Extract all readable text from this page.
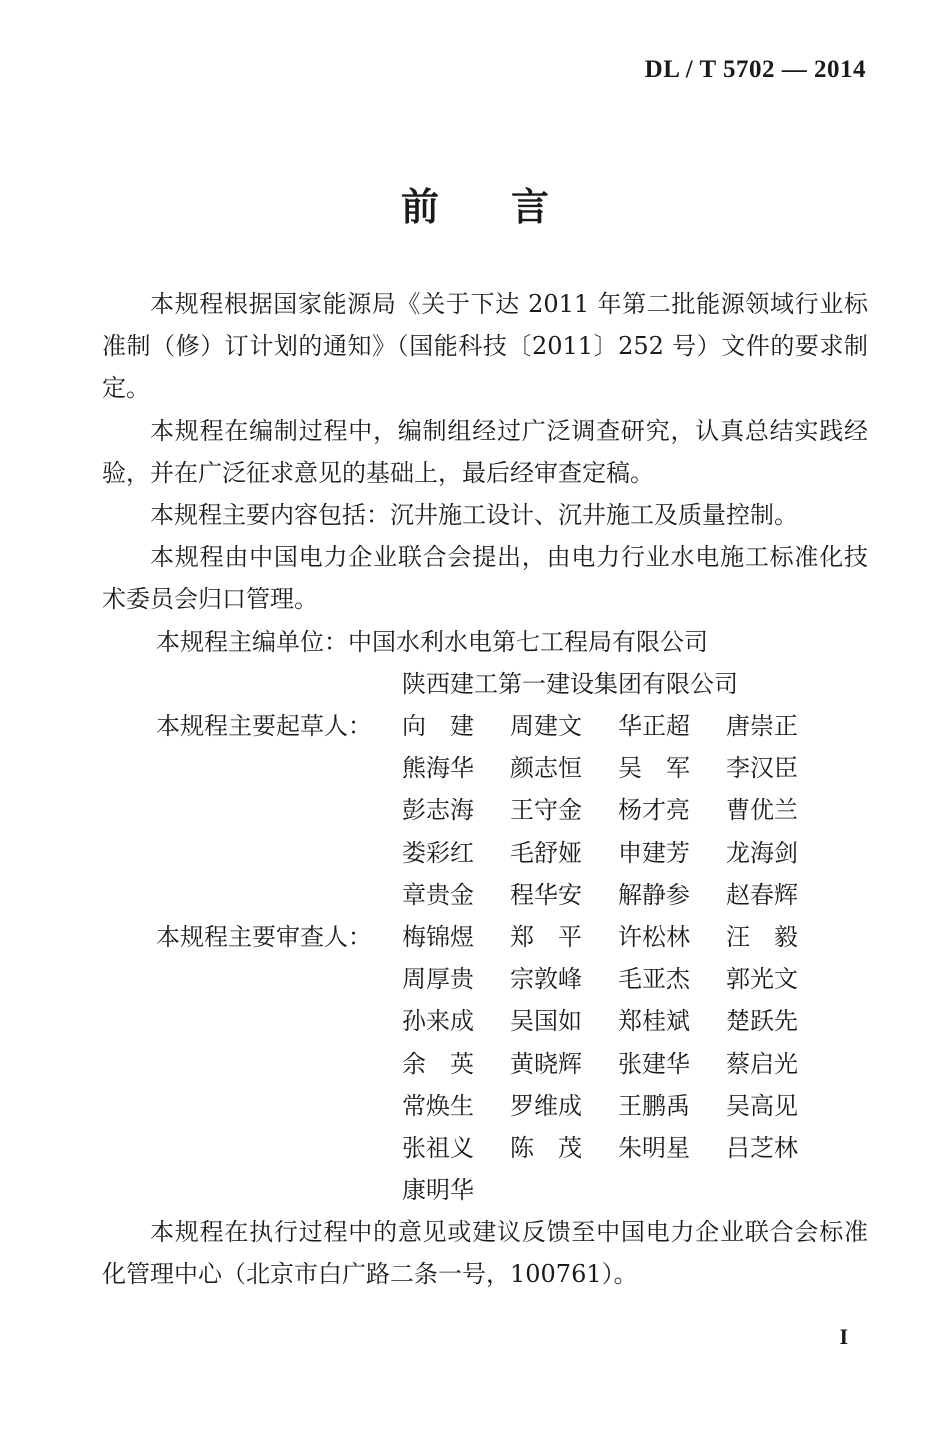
DL / T 5702 — 2014
前言

本规程根据国家能源局《关于下达 2011 年第二批能源领域行业标准制（修）订计划的通知》（国能科技〔2011〕252 号）文件的要求制定。

本规程在编制过程中，编制组经过广泛调查研究，认真总结实践经验，并在广泛征求意见的基础上，最后经审查定稿。

本规程主要内容包括：沉井施工设计、沉井施工及质量控制。

本规程由中国电力企业联合会提出，由电力行业水电施工标准化技术委员会归口管理。

本规程主编单位： 中国水利水电第七工程局有限公司
陕西建工第一建设集团有限公司
本规程主要起草人：	向　建	周建文	华正超	唐崇正
熊海华	颜志恒	吴　军	李汉臣
彭志海	王守金	杨才亮	曹优兰
娄彩红	毛舒娅	申建芳	龙海剑
章贵金	程华安	解静参	赵春辉
本规程主要审查人：	梅锦煜	郑　平	许松林	汪　毅
周厚贵	宗敦峰	毛亚杰	郭光文
孙来成	吴国如	郑桂斌	楚跃先
余　英	黄晓辉	张建华	蔡启光
常焕生	罗维成	王鹏禹	吴高见
张祖义	陈　茂	朱明星	吕芝林
康明华

本规程在执行过程中的意见或建议反馈至中国电力企业联合会标准化管理中心（北京市白广路二条一号，100761）。

I
